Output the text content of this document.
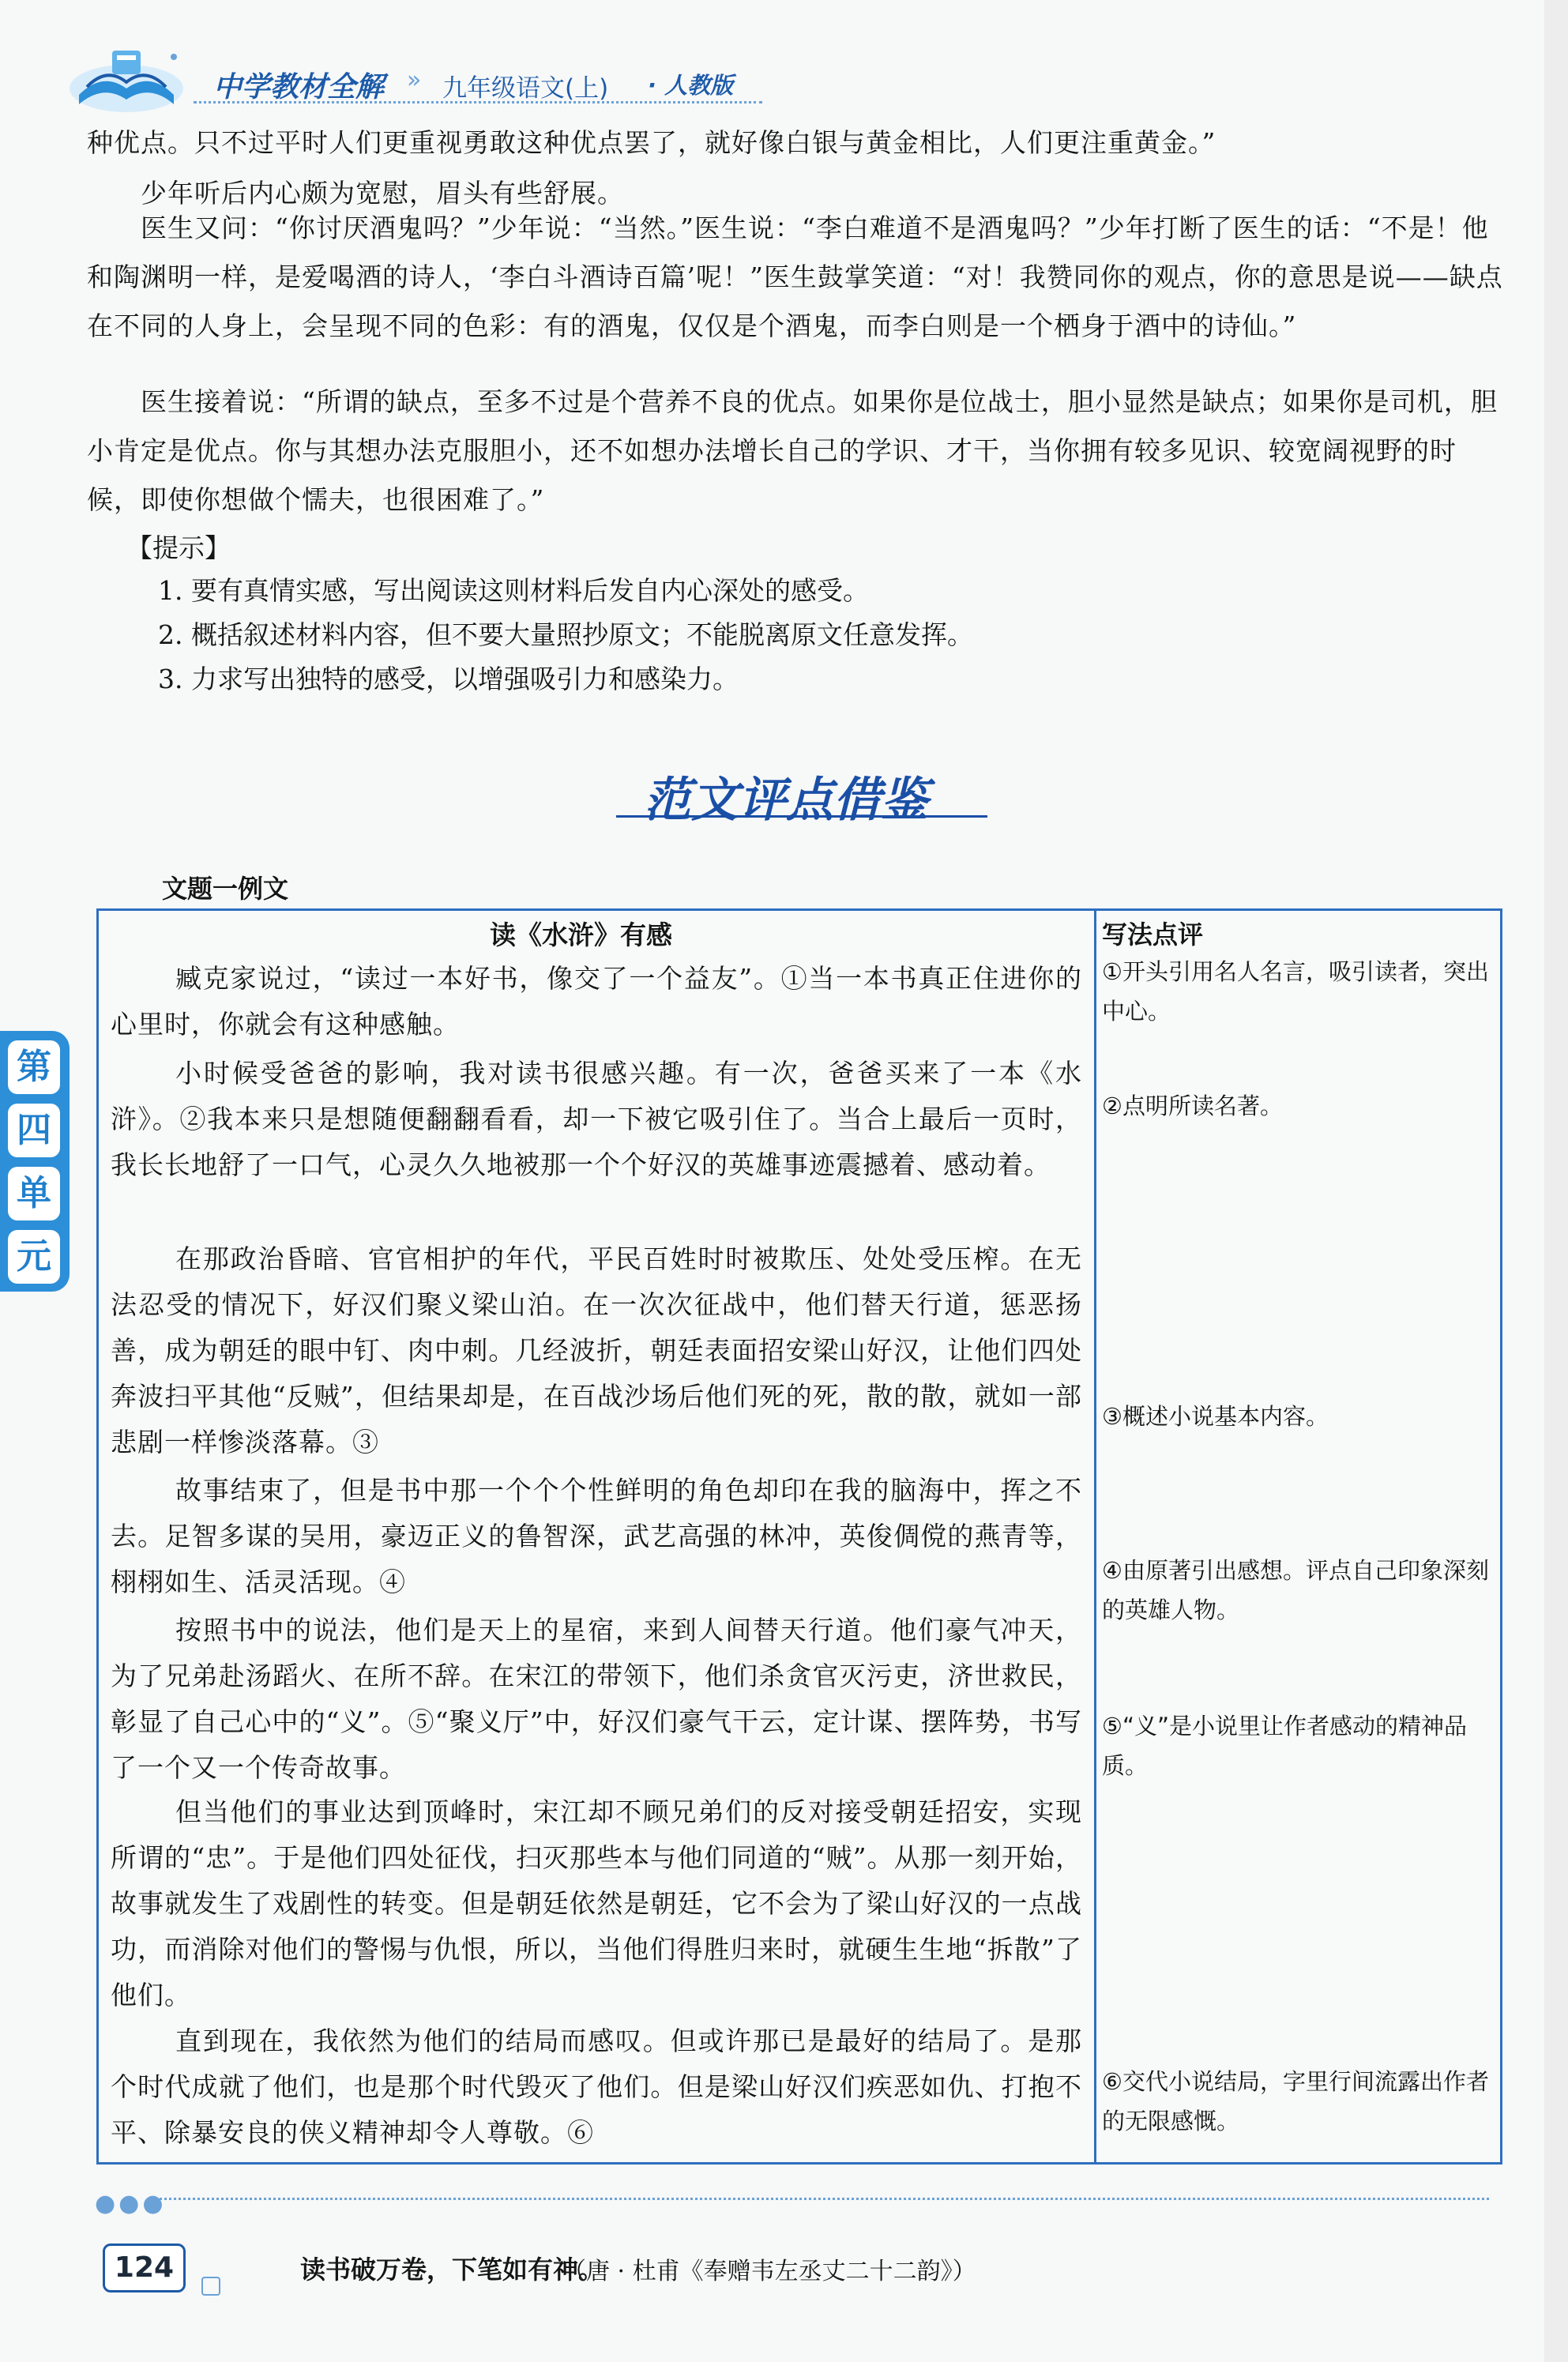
中学教材全解 » 九年级语文(上) · 人教版

种优点。只不过平时人们更重视勇敢这种优点罢了，就好像白银与黄金相比，人们更注重黄金。”

少年听后内心颇为宽慰，眉头有些舒展。

医生又问：“你讨厌酒鬼吗？”少年说：“当然。”医生说：“李白难道不是酒鬼吗？”少年打断了医生的话：“不是！他和陶渊明一样，是爱喝酒的诗人，‘李白斗酒诗百篇’呢！”医生鼓掌笑道：“对！我赞同你的观点，你的意思是说——缺点在不同的人身上，会呈现不同的色彩：有的酒鬼，仅仅是个酒鬼，而李白则是一个栖身于酒中的诗仙。”

医生接着说：“所谓的缺点，至多不过是个营养不良的优点。如果你是位战士，胆小显然是缺点；如果你是司机，胆小肯定是优点。你与其想办法克服胆小，还不如想办法增长自己的学识、才干，当你拥有较多见识、较宽阔视野的时候，即使你想做个懦夫，也很困难了。”

【提示】
1. 要有真情实感，写出阅读这则材料后发自内心深处的感受。
2. 概括叙述材料内容，但不要大量照抄原文；不能脱离原文任意发挥。
3. 力求写出独特的感受，以增强吸引力和感染力。
范文评点借鉴
文题一例文
读《水浒》有感

臧克家说过，“读过一本好书，像交了一个益友”。①当一本书真正住进你的心里时，你就会有这种感触。

小时候受爸爸的影响，我对读书很感兴趣。有一次，爸爸买来了一本《水浒》。②我本来只是想随便翻翻看看，却一下被它吸引住了。当合上最后一页时，我长长地舒了一口气，心灵久久地被那一个个好汉的英雄事迹震撼着、感动着。

在那政治昏暗、官官相护的年代，平民百姓时时被欺压、处处受压榨。在无法忍受的情况下，好汉们聚义梁山泊。在一次次征战中，他们替天行道，惩恶扬善，成为朝廷的眼中钉、肉中刺。几经波折，朝廷表面招安梁山好汉，让他们四处奔波扫平其他“反贼”，但结果却是，在百战沙场后他们死的死，散的散，就如一部悲剧一样惨淡落幕。③

故事结束了，但是书中那一个个个性鲜明的角色却印在我的脑海中，挥之不去。足智多谋的吴用，豪迈正义的鲁智深，武艺高强的林冲，英俊倜傥的燕青等，栩栩如生、活灵活现。④

按照书中的说法，他们是天上的星宿，来到人间替天行道。他们豪气冲天，为了兄弟赴汤蹈火、在所不辞。在宋江的带领下，他们杀贪官灭污吏，济世救民，彰显了自己心中的“义”。⑤“聚义厅”中，好汉们豪气干云，定计谋、摆阵势，书写了一个又一个传奇故事。

但当他们的事业达到顶峰时，宋江却不顾兄弟们的反对接受朝廷招安，实现所谓的“忠”。于是他们四处征伐，扫灭那些本与他们同道的“贼”。从那一刻开始，故事就发生了戏剧性的转变。但是朝廷依然是朝廷，它不会为了梁山好汉的一点战功，而消除对他们的警惕与仇恨，所以，当他们得胜归来时，就硬生生地“拆散”了他们。

直到现在，我依然为他们的结局而感叹。但或许那已是最好的结局了。是那个时代成就了他们，也是那个时代毁灭了他们。但是梁山好汉们疾恶如仇、打抱不平、除暴安良的侠义精神却令人尊敬。⑥

写法点评
①开头引用名人名言，吸引读者，突出中心。
②点明所读名著。
③概述小说基本内容。
④由原著引出感想。评点自己印象深刻的英雄人物。
⑤“义”是小说里让作者感动的精神品质。
⑥交代小说结局，字里行间流露出作者的无限感慨。
第
四
单
元
●●●
124	读书破万卷，下笔如有神。
（唐 · 杜甫《奉赠韦左丞丈二十二韵》）
